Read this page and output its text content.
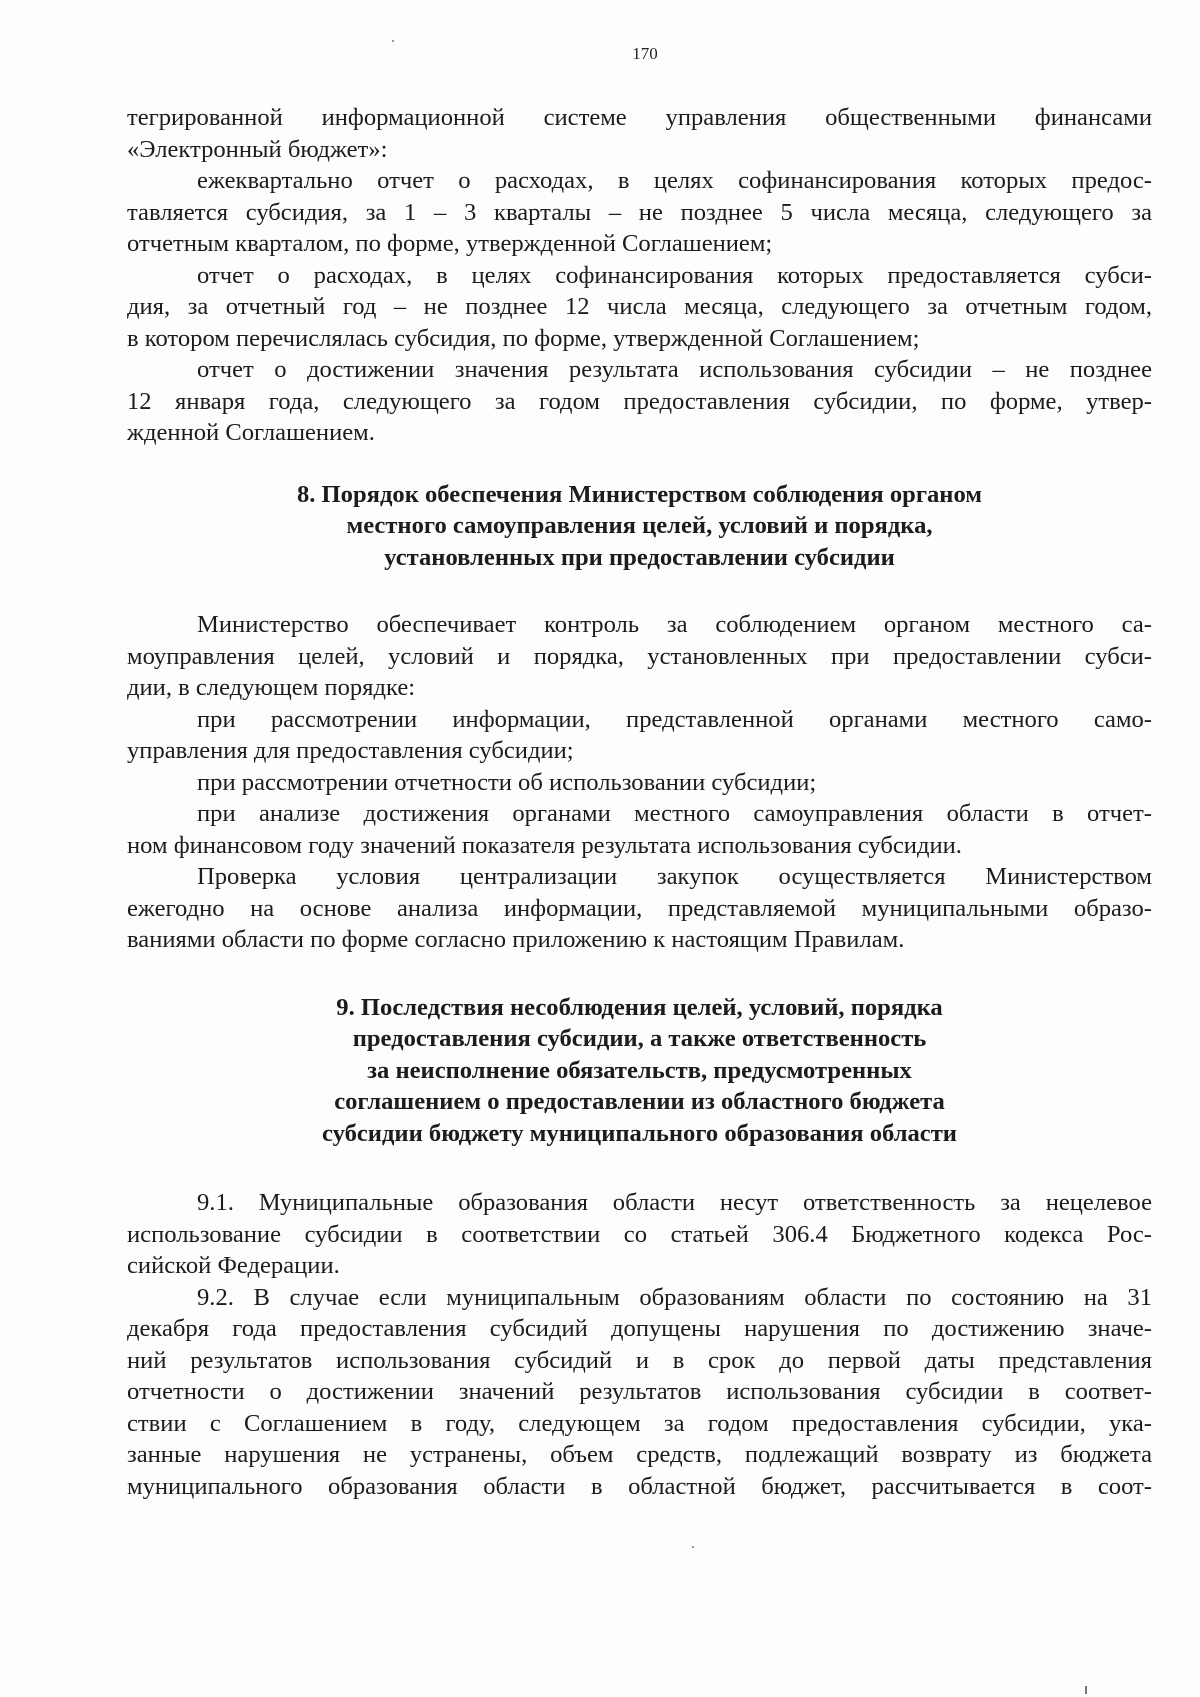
170

тегрированной информационной системе управления общественными финансами

«Электронный бюджет»:

ежеквартально отчет о расходах, в целях софинансирования которых предос-

тавляется субсидия, за 1 – 3 кварталы – не позднее 5 числа месяца, следующего за

отчетным кварталом, по форме, утвержденной Соглашением;

отчет о расходах, в целях софинансирования которых предоставляется субси-

дия, за отчетный год – не позднее 12 числа месяца, следующего за отчетным годом,

в котором перечислялась субсидия, по форме, утвержденной Соглашением;

отчет о достижении значения результата использования субсидии – не позднее

12 января года, следующего за годом предоставления субсидии, по форме, утвер-

жденной Соглашением.

8. Порядок обеспечения Министерством соблюдения органом
местного самоуправления целей, условий и порядка,
установленных при предоставлении субсидии

Министерство обеспечивает контроль за соблюдением органом местного са-

моуправления целей, условий и порядка, установленных при предоставлении субси-

дии, в следующем порядке:

при рассмотрении информации, представленной органами местного само-

управления для предоставления субсидии;

при рассмотрении отчетности об использовании субсидии;

при анализе достижения органами местного самоуправления области в отчет-

ном финансовом году значений показателя результата использования субсидии.

Проверка условия централизации закупок осуществляется Министерством

ежегодно на основе анализа информации, представляемой муниципальными образо-

ваниями области по форме согласно приложению к настоящим Правилам.

9. Последствия несоблюдения целей, условий, порядка
предоставления субсидии, а также ответственность
за неисполнение обязательств, предусмотренных
соглашением о предоставлении из областного бюджета
субсидии бюджету муниципального образования области

9.1. Муниципальные образования области несут ответственность за нецелевое

использование субсидии в соответствии со статьей 306.4 Бюджетного кодекса Рос-

сийской Федерации.

9.2. В случае если муниципальным образованиям области по состоянию на 31

декабря года предоставления субсидий допущены нарушения по достижению значе-

ний результатов использования субсидий и в срок до первой даты представления

отчетности о достижении значений результатов использования субсидии в соответ-

ствии с Соглашением в году, следующем за годом предоставления субсидии, ука-

занные нарушения не устранены, объем средств, подлежащий возврату из бюджета

муниципального образования области в областной бюджет, рассчитывается в соот-
